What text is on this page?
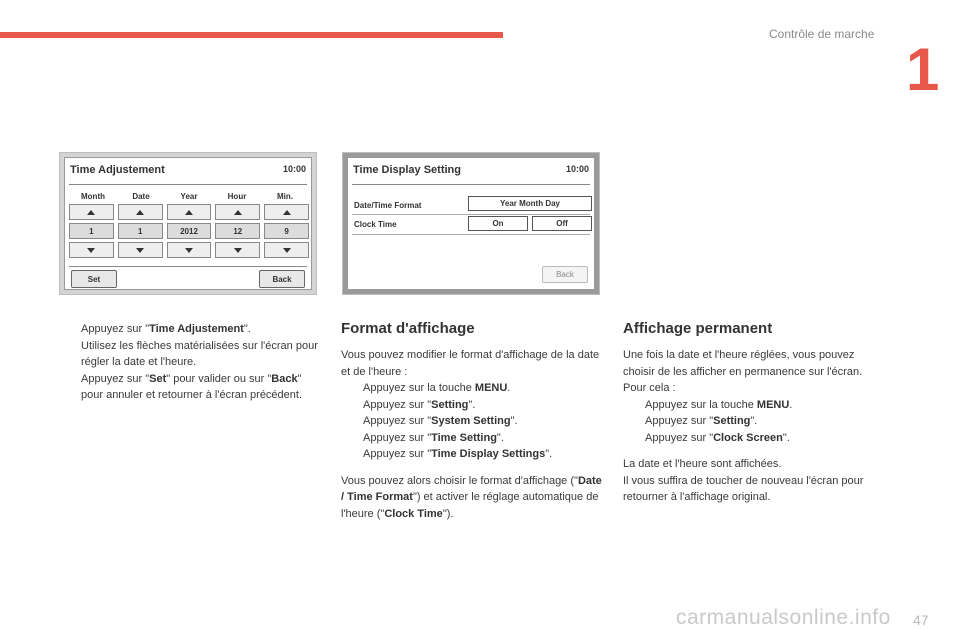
Contrôle de marche
1
Time Adjustement	10:00
Month	Date	Year	Hour	Min.
1	1	2012	12	9
Set	Back
Time Display Setting	10:00
Date/Time Format	Year Month Day
Clock Time	On	Off
Back
Appuyez sur "Time Adjustement".
Utilisez les flèches matérialisées sur l'écran pour régler la date et l'heure.
Appuyez sur "Set" pour valider ou sur "Back" pour annuler et retourner à l'écran précédent.
Format d'affichage
Vous pouvez modifier le format d'affichage de la date et de l'heure :
Appuyez sur la touche MENU.
Appuyez sur "Setting".
Appuyez sur "System Setting".
Appuyez sur "Time Setting".
Appuyez sur "Time Display Settings".
Vous pouvez alors choisir le format d'affichage ("Date / Time Format") et activer le réglage automatique de l'heure ("Clock Time").
Affichage permanent
Une fois la date et l'heure réglées, vous pouvez choisir de les afficher en permanence sur l'écran. Pour cela :
Appuyez sur la touche MENU.
Appuyez sur "Setting".
Appuyez sur "Clock Screen".
La date et l'heure sont affichées.
Il vous suffira de toucher de nouveau l'écran pour retourner à l'affichage original.
carmanualsonline.info 47
